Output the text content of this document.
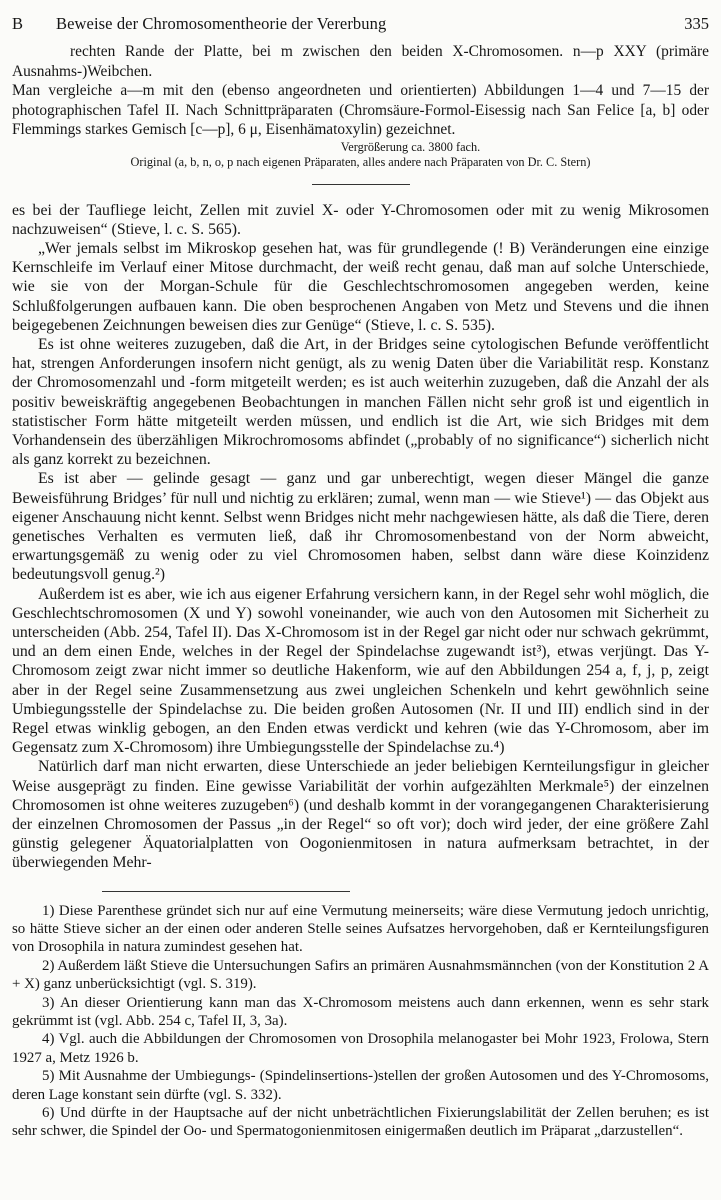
B	Beweise der Chromosomentheorie der Vererbung	335

rechten Rande der Platte, bei m zwischen den beiden X-Chromosomen. n—p XXY (primäre Ausnahms-)Weibchen.

Man vergleiche a—m mit den (ebenso angeordneten und orientierten) Abbildungen 1—4 und 7—15 der photographischen Tafel II. Nach Schnittpräparaten (Chromsäure-Formol-Eisessig nach San Felice [a, b] oder Flemmings starkes Gemisch [c—p], 6 μ, Eisenhämatoxylin) gezeichnet.

Vergrößerung ca. 3800 fach.

Original (a, b, n, o, p nach eigenen Präparaten, alles andere nach Präparaten von Dr. C. Stern)

es bei der Taufliege leicht, Zellen mit zuviel X- oder Y-Chromosomen oder mit zu wenig Mikrosomen nachzuweisen“ (Stieve, l. c. S. 565).

„Wer jemals selbst im Mikroskop gesehen hat, was für grundlegende (! B) Veränderungen eine einzige Kernschleife im Verlauf einer Mitose durchmacht, der weiß recht genau, daß man auf solche Unterschiede, wie sie von der Morgan-Schule für die Geschlechtschromosomen angegeben werden, keine Schlußfolgerungen aufbauen kann. Die oben besprochenen Angaben von Metz und Stevens und die ihnen beigegebenen Zeichnungen beweisen dies zur Genüge“ (Stieve, l. c. S. 535).

Es ist ohne weiteres zuzugeben, daß die Art, in der Bridges seine cytologischen Befunde veröffentlicht hat, strengen Anforderungen insofern nicht genügt, als zu wenig Daten über die Variabilität resp. Konstanz der Chromosomenzahl und -form mitgeteilt werden; es ist auch weiterhin zuzugeben, daß die Anzahl der als positiv beweiskräftig angegebenen Beobachtungen in manchen Fällen nicht sehr groß ist und eigentlich in statistischer Form hätte mitgeteilt werden müssen, und endlich ist die Art, wie sich Bridges mit dem Vorhandensein des überzähligen Mikrochromosoms abfindet („probably of no significance“) sicherlich nicht als ganz korrekt zu bezeichnen.

Es ist aber — gelinde gesagt — ganz und gar unberechtigt, wegen dieser Mängel die ganze Beweisführung Bridges’ für null und nichtig zu erklären; zumal, wenn man — wie Stieve¹) — das Objekt aus eigener Anschauung nicht kennt. Selbst wenn Bridges nicht mehr nachgewiesen hätte, als daß die Tiere, deren genetisches Verhalten es vermuten ließ, daß ihr Chromosomenbestand von der Norm abweicht, erwartungsgemäß zu wenig oder zu viel Chromosomen haben, selbst dann wäre diese Koinzidenz bedeutungsvoll genug.²)

Außerdem ist es aber, wie ich aus eigener Erfahrung versichern kann, in der Regel sehr wohl möglich, die Geschlechtschromosomen (X und Y) sowohl voneinander, wie auch von den Autosomen mit Sicherheit zu unterscheiden (Abb. 254, Tafel II). Das X-Chromosom ist in der Regel gar nicht oder nur schwach gekrümmt, und an dem einen Ende, welches in der Regel der Spindelachse zugewandt ist³), etwas verjüngt. Das Y-Chromosom zeigt zwar nicht immer so deutliche Hakenform, wie auf den Abbildungen 254 a, f, j, p, zeigt aber in der Regel seine Zusammensetzung aus zwei ungleichen Schenkeln und kehrt gewöhnlich seine Umbiegungsstelle der Spindelachse zu. Die beiden großen Autosomen (Nr. II und III) endlich sind in der Regel etwas winklig gebogen, an den Enden etwas verdickt und kehren (wie das Y-Chromosom, aber im Gegensatz zum X-Chromosom) ihre Umbiegungsstelle der Spindelachse zu.⁴)

Natürlich darf man nicht erwarten, diese Unterschiede an jeder beliebigen Kernteilungsfigur in gleicher Weise ausgeprägt zu finden. Eine gewisse Variabilität der vorhin aufgezählten Merkmale⁵) der einzelnen Chromosomen ist ohne weiteres zuzugeben⁶) (und deshalb kommt in der vorangegangenen Charakterisierung der einzelnen Chromosomen der Passus „in der Regel“ so oft vor); doch wird jeder, der eine größere Zahl günstig gelegener Äquatorialplatten von Oogonienmitosen in natura aufmerksam betrachtet, in der überwiegenden Mehr-

1) Diese Parenthese gründet sich nur auf eine Vermutung meinerseits; wäre diese Vermutung jedoch unrichtig, so hätte Stieve sicher an der einen oder anderen Stelle seines Aufsatzes hervorgehoben, daß er Kernteilungsfiguren von Drosophila in natura zumindest gesehen hat.

2) Außerdem läßt Stieve die Untersuchungen Safirs an primären Ausnahmsmännchen (von der Konstitution 2 A + X) ganz unberücksichtigt (vgl. S. 319).

3) An dieser Orientierung kann man das X-Chromosom meistens auch dann erkennen, wenn es sehr stark gekrümmt ist (vgl. Abb. 254 c, Tafel II, 3, 3a).

4) Vgl. auch die Abbildungen der Chromosomen von Drosophila melanogaster bei Mohr 1923, Frolowa, Stern 1927 a, Metz 1926 b.

5) Mit Ausnahme der Umbiegungs- (Spindelinsertions-)stellen der großen Autosomen und des Y-Chromosoms, deren Lage konstant sein dürfte (vgl. S. 332).

6) Und dürfte in der Hauptsache auf der nicht unbeträchtlichen Fixierungslabilität der Zellen beruhen; es ist sehr schwer, die Spindel der Oo- und Spermatogonienmitosen einigermaßen deutlich im Präparat „darzustellen“.
